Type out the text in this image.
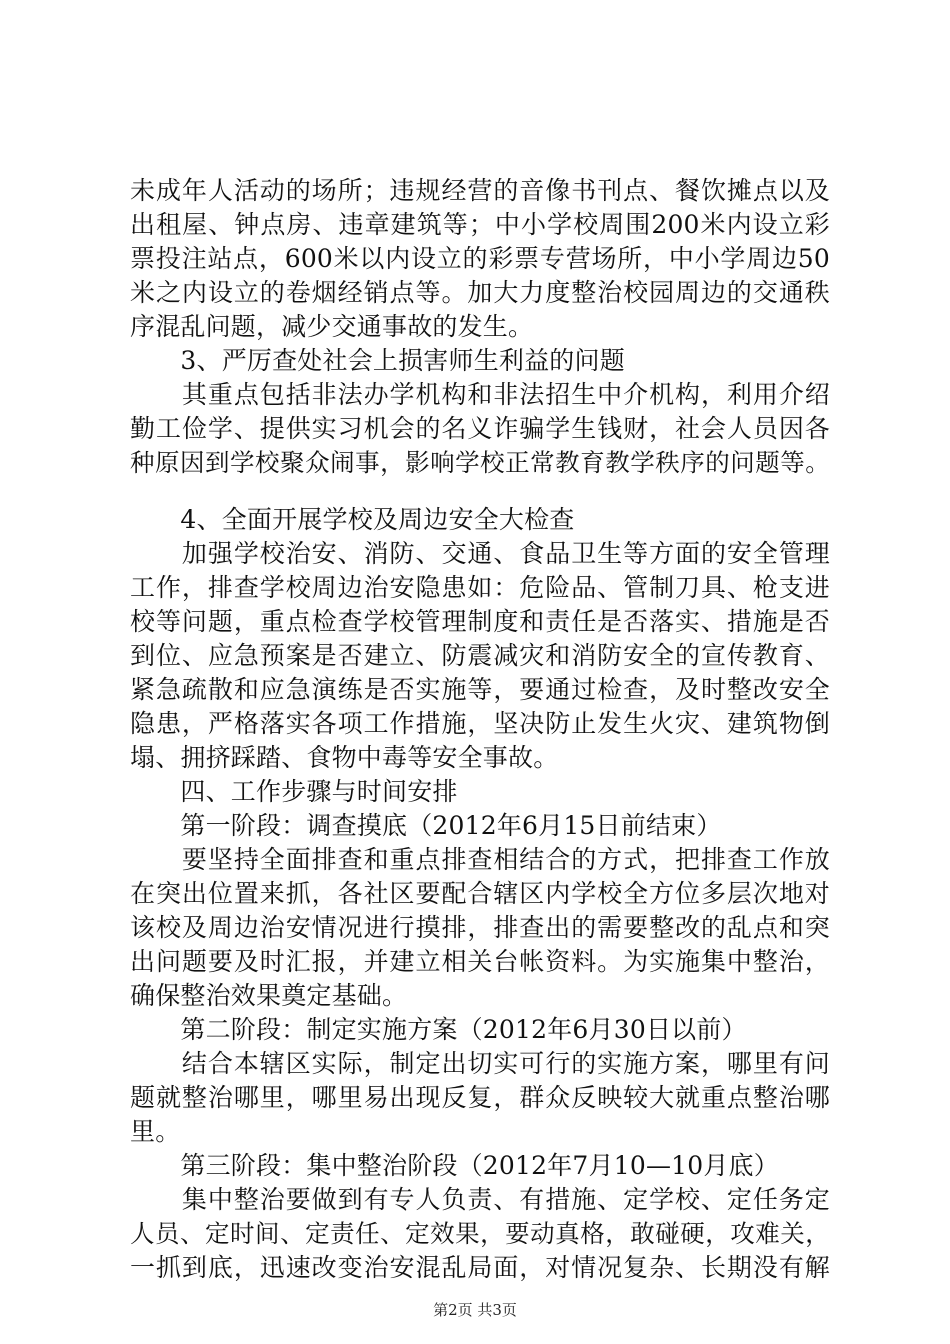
未成年人活动的场所；违规经营的音像书刊点、餐饮摊点以及
出租屋、钟点房、违章建筑等；中小学校周围200米内设立彩
票投注站点，600米以内设立的彩票专营场所，中小学周边50
米之内设立的卷烟经销点等。加大力度整治校园周边的交通秩
序混乱问题，减少交通事故的发生。
　　3、严厉查处社会上损害师生利益的问题
　　其重点包括非法办学机构和非法招生中介机构，利用介绍
勤工俭学、提供实习机会的名义诈骗学生钱财，社会人员因各
种原因到学校聚众闹事，影响学校正常教育教学秩序的问题等。
　　4、全面开展学校及周边安全大检查
　　加强学校治安、消防、交通、食品卫生等方面的安全管理
工作，排查学校周边治安隐患如：危险品、管制刀具、枪支进
校等问题，重点检查学校管理制度和责任是否落实、措施是否
到位、应急预案是否建立、防震减灾和消防安全的宣传教育、
紧急疏散和应急演练是否实施等，要通过检查，及时整改安全
隐患，严格落实各项工作措施，坚决防止发生火灾、建筑物倒
塌、拥挤踩踏、食物中毒等安全事故。
　　四、工作步骤与时间安排
　　第一阶段：调查摸底（2012年6月15日前结束）
　　要坚持全面排查和重点排查相结合的方式，把排查工作放
在突出位置来抓，各社区要配合辖区内学校全方位多层次地对
该校及周边治安情况进行摸排，排查出的需要整改的乱点和突
出问题要及时汇报，并建立相关台帐资料。为实施集中整治，
确保整治效果奠定基础。
　　第二阶段：制定实施方案（2012年6月30日以前）
　　结合本辖区实际，制定出切实可行的实施方案，哪里有问
题就整治哪里，哪里易出现反复，群众反映较大就重点整治哪
里。
　　第三阶段：集中整治阶段（2012年7月10—10月底）
　　集中整治要做到有专人负责、有措施、定学校、定任务定
人员、定时间、定责任、定效果，要动真格，敢碰硬，攻难关，
一抓到底，迅速改变治安混乱局面，对情况复杂、长期没有解
第2页 共3页
